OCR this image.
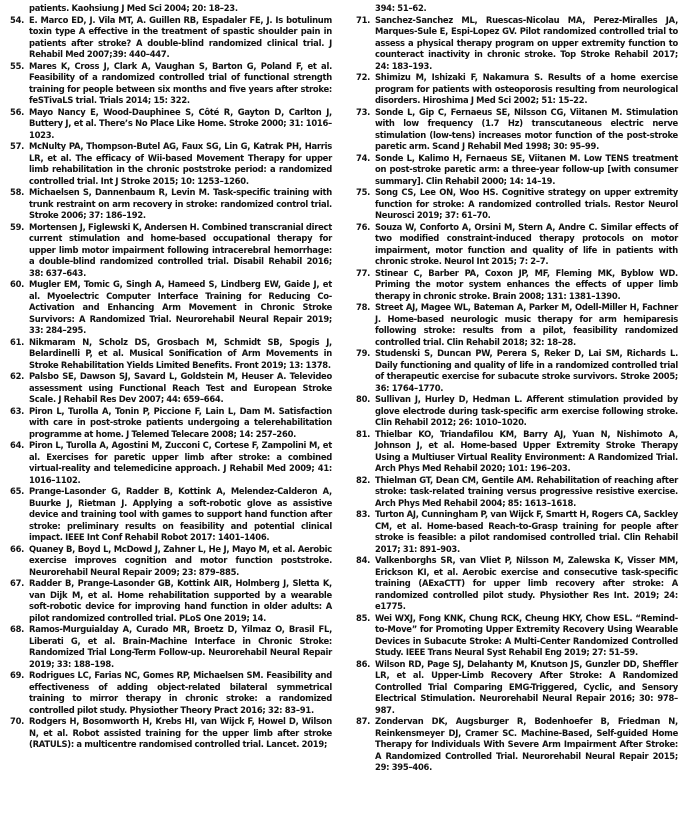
patients. Kaohsiung J Med Sci 2004; 20: 18–23.

54. E. Marco ED, J. Vila MT, A. Guillen RB, Espadaler FE, J. Is botulinum toxin type A effective in the treatment of spastic shoulder pain in patients after stroke? A double-blind randomized clinical trial. J Rehabil Med 2007;39: 440–447.

55. Mares K, Cross J, Clark A, Vaughan S, Barton G, Poland F, et al. Feasibility of a randomized controlled trial of functional strength training for people between six months and five years after stroke: feSTivaLS trial. Trials 2014; 15: 322.

56. Mayo Nancy E, Wood-Dauphinee S, Côté R, Gayton D, Carlton J, Buttery J, et al. There’s No Place Like Home. Stroke 2000; 31: 1016–1023.

57. McNulty PA, Thompson-Butel AG, Faux SG, Lin G, Katrak PH, Harris LR, et al. The efficacy of Wii-based Movement Therapy for upper limb rehabilitation in the chronic poststroke period: a randomized controlled trial. Int J Stroke 2015; 10: 1253–1260.

58. Michaelsen S, Dannenbaum R, Levin M. Task-specific training with trunk restraint on arm recovery in stroke: randomized control trial. Stroke 2006; 37: 186–192.

59. Mortensen J, Figlewski K, Andersen H. Combined transcranial direct current stimulation and home-based occupational therapy for upper limb motor impairment following intracerebral hemorrhage: a double-blind randomized controlled trial. Disabil Rehabil 2016; 38: 637–643.

60. Mugler EM, Tomic G, Singh A, Hameed S, Lindberg EW, Gaide J, et al. Myoelectric Computer Interface Training for Reducing Co-Activation and Enhancing Arm Movement in Chronic Stroke Survivors: A Randomized Trial. Neurorehabil Neural Repair 2019; 33: 284–295.

61. Nikmaram N, Scholz DS, Grosbach M, Schmidt SB, Spogis J, Belardinelli P, et al. Musical Sonification of Arm Movements in Stroke Rehabilitation Yields Limited Benefits. Front 2019; 13: 1378.

62. Palsbo SE, Dawson SJ, Savard L, Goldstein M, Heuser A. Televideo assessment using Functional Reach Test and European Stroke Scale. J Rehabil Res Dev 2007; 44: 659–664.

63. Piron L, Turolla A, Tonin P, Piccione F, Lain L, Dam M. Satisfaction with care in post-stroke patients undergoing a telerehabilitation programme at home. J Telemed Telecare 2008; 14: 257–260.

64. Piron L, Turolla A, Agostini M, Zucconi C, Cortese F, Zampolini M, et al. Exercises for paretic upper limb after stroke: a combined virtual-reality and telemedicine approach. J Rehabil Med 2009; 41: 1016–1102.

65. Prange-Lasonder G, Radder B, Kottink A, Melendez-Calderon A, Buurke J, Rietman J. Applying a soft-robotic glove as assistive device and training tool with games to support hand function after stroke: preliminary results on feasibility and potential clinical impact. IEEE Int Conf Rehabil Robot 2017: 1401–1406.

66. Quaney B, Boyd L, McDowd J, Zahner L, He J, Mayo M, et al. Aerobic exercise improves cognition and motor function poststroke. Neurorehabil Neural Repair 2009; 23: 879–885.

67. Radder B, Prange-Lasonder GB, Kottink AIR, Holmberg J, Sletta K, van Dijk M, et al. Home rehabilitation supported by a wearable soft-robotic device for improving hand function in older adults: A pilot randomized controlled trial. PLoS One 2019; 14.

68. Ramos-Murguialday A, Curado MR, Broetz D, Yilmaz O, Brasil FL, Liberati G, et al. Brain-Machine Interface in Chronic Stroke: Randomized Trial Long-Term Follow-up. Neurorehabil Neural Repair 2019; 33: 188–198.

69. Rodrigues LC, Farias NC, Gomes RP, Michaelsen SM. Feasibility and effectiveness of adding object-related bilateral symmetrical training to mirror therapy in chronic stroke: a randomized controlled pilot study. Physiother Theory Pract 2016; 32: 83–91.

70. Rodgers H, Bosomworth H, Krebs HI, van Wijck F, Howel D, Wilson N, et al. Robot assisted training for the upper limb after stroke (RATULS): a multicentre randomised controlled trial. Lancet. 2019;

394: 51–62.

71. Sanchez-Sanchez ML, Ruescas-Nicolau MA, Perez-Miralles JA, Marques-Sule E, Espi-Lopez GV. Pilot randomized controlled trial to assess a physical therapy program on upper extremity function to counteract inactivity in chronic stroke. Top Stroke Rehabil 2017; 24: 183–193.

72. Shimizu M, Ishizaki F, Nakamura S. Results of a home exercise program for patients with osteoporosis resulting from neurological disorders. Hiroshima J Med Sci 2002; 51: 15–22.

73. Sonde L, Gip C, Fernaeus SE, Nilsson CG, Viitanen M. Stimulation with low frequency (1.7 Hz) transcutaneous electric nerve stimulation (low-tens) increases motor function of the post-stroke paretic arm. Scand J Rehabil Med 1998; 30: 95–99.

74. Sonde L, Kalimo H, Fernaeus SE, Viitanen M. Low TENS treatment on post-stroke paretic arm: a three-year follow-up [with consumer summary]. Clin Rehabil 2000; 14: 14–19.

75. Song CS, Lee ON, Woo HS. Cognitive strategy on upper extremity function for stroke: A randomized controlled trials. Restor Neurol Neurosci 2019; 37: 61–70.

76. Souza W, Conforto A, Orsini M, Stern A, Andre C. Similar effects of two modified constraint-induced therapy protocols on motor impairment, motor function and quality of life in patients with chronic stroke. Neurol Int 2015; 7: 2–7.

77. Stinear C, Barber PA, Coxon JP, MF, Fleming MK, Byblow WD. Priming the motor system enhances the effects of upper limb therapy in chronic stroke. Brain 2008; 131: 1381–1390.

78. Street AJ, Magee WL, Bateman A, Parker M, Odell-Miller H, Fachner J. Home-based neurologic music therapy for arm hemiparesis following stroke: results from a pilot, feasibility randomized controlled trial. Clin Rehabil 2018; 32: 18–28.

79. Studenski S, Duncan PW, Perera S, Reker D, Lai SM, Richards L. Daily functioning and quality of life in a randomized controlled trial of therapeutic exercise for subacute stroke survivors. Stroke 2005; 36: 1764–1770.

80. Sullivan J, Hurley D, Hedman L. Afferent stimulation provided by glove electrode during task-specific arm exercise following stroke. Clin Rehabil 2012; 26: 1010–1020.

81. Thielbar KO, Triandafilou KM, Barry AJ, Yuan N, Nishimoto A, Johnson J, et al. Home-based Upper Extremity Stroke Therapy Using a Multiuser Virtual Reality Environment: A Randomized Trial. Arch Phys Med Rehabil 2020; 101: 196–203.

82. Thielman GT, Dean CM, Gentile AM. Rehabilitation of reaching after stroke: task-related training versus progressive resistive exercise. Arch Phys Med Rehabil 2004; 85: 1613–1618.

83. Turton AJ, Cunningham P, van Wijck F, Smartt H, Rogers CA, Sackley CM, et al. Home-based Reach-to-Grasp training for people after stroke is feasible: a pilot randomised controlled trial. Clin Rehabil 2017; 31: 891–903.

84. Valkenborghs SR, van Vliet P, Nilsson M, Zalewska K, Visser MM, Erickson KI, et al. Aerobic exercise and consecutive task-specific training (AExaCTT) for upper limb recovery after stroke: A randomized controlled pilot study. Physiother Res Int. 2019; 24: e1775.

85. Wei WXJ, Fong KNK, Chung RCK, Cheung HKY, Chow ESL. “Remind-to-Move” for Promoting Upper Extremity Recovery Using Wearable Devices in Subacute Stroke: A Multi-Center Randomized Controlled Study. IEEE Trans Neural Syst Rehabil Eng 2019; 27: 51–59.

86. Wilson RD, Page SJ, Delahanty M, Knutson JS, Gunzler DD, Sheffler LR, et al. Upper-Limb Recovery After Stroke: A Randomized Controlled Trial Comparing EMG-Triggered, Cyclic, and Sensory Electrical Stimulation. Neurorehabil Neural Repair 2016; 30: 978–987.

87. Zondervan DK, Augsburger R, Bodenhoefer B, Friedman N, Reinkensmeyer DJ, Cramer SC. Machine-Based, Self-guided Home Therapy for Individuals With Severe Arm Impairment After Stroke: A Randomized Controlled Trial. Neurorehabil Neural Repair 2015; 29: 395–406.
